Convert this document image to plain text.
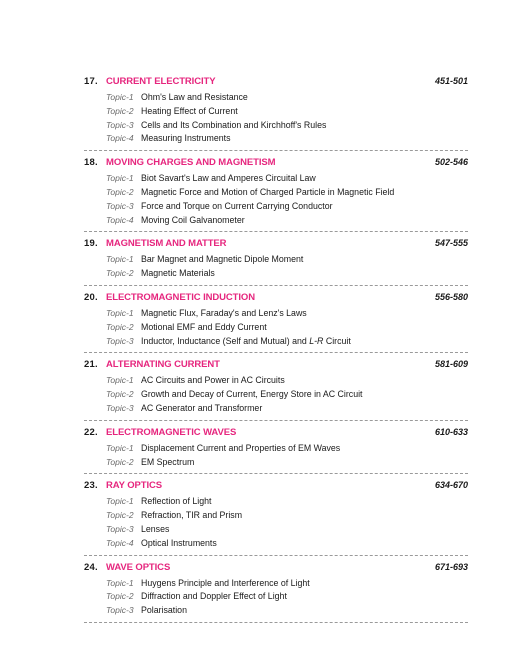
17. CURRENT ELECTRICITY	451-501
Topic-1 Ohm's Law and Resistance
Topic-2 Heating Effect of Current
Topic-3 Cells and Its Combination and Kirchhoff's Rules
Topic-4 Measuring Instruments
18. MOVING CHARGES AND MAGNETISM	502-546
Topic-1 Biot Savart's Law and Amperes Circuital Law
Topic-2 Magnetic Force and Motion of Charged Particle in Magnetic Field
Topic-3 Force and Torque on Current Carrying Conductor
Topic-4 Moving Coil Galvanometer
19. MAGNETISM AND MATTER	547-555
Topic-1 Bar Magnet and Magnetic Dipole Moment
Topic-2 Magnetic Materials
20. ELECTROMAGNETIC INDUCTION	556-580
Topic-1 Magnetic Flux, Faraday's and Lenz's Laws
Topic-2 Motional EMF and Eddy Current
Topic-3 Inductor, Inductance (Self and Mutual) and L-R Circuit
21. ALTERNATING CURRENT	581-609
Topic-1 AC Circuits and Power in AC Circuits
Topic-2 Growth and Decay of Current, Energy Store in AC Circuit
Topic-3 AC Generator and Transformer
22. ELECTROMAGNETIC WAVES	610-633
Topic-1 Displacement Current and Properties of EM Waves
Topic-2 EM Spectrum
23. RAY OPTICS	634-670
Topic-1 Reflection of Light
Topic-2 Refraction, TIR and Prism
Topic-3 Lenses
Topic-4 Optical Instruments
24. WAVE OPTICS	671-693
Topic-1 Huygens Principle and Interference of Light
Topic-2 Diffraction and Doppler Effect of Light
Topic-3 Polarisation
